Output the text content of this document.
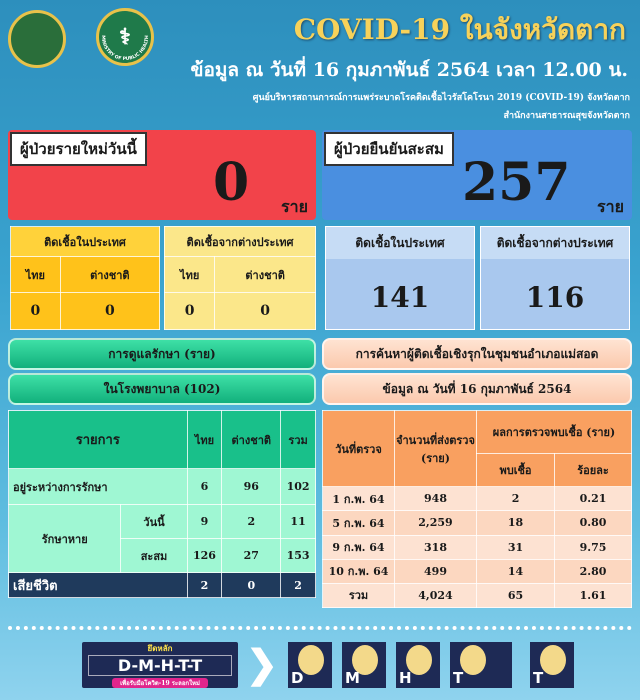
⚕
MINISTRY OF PUBLIC HEALTH	COVID-19 ในจังหวัดตาก
ข้อมูล ณ วันที่ 16 กุมภาพันธ์ 2564 เวลา 12.00 น.
ศูนย์บริหารสถานการณ์การแพร่ระบาดโรคติดเชื้อไวรัสโคโรนา 2019 (COVID-19) จังหวัดตาก
สำนักงานสาธารณสุขจังหวัดตาก
ผู้ป่วยรายใหม่วันนี้
0 ราย
ผู้ป่วยยืนยันสะสม
257 ราย
ติดเชื้อในประเทศ	
ไทย	ต่างชาติ
0	0
ติดเชื้อจากต่างประเทศ	
ไทย	ต่างชาติ
0	0
ติดเชื้อในประเทศ
141
ติดเชื้อจากต่างประเทศ
116
การดูแลรักษา (ราย)
ในโรงพยาบาล (102)
การค้นหาผู้ติดเชื้อเชิงรุกในชุมชนอำเภอแม่สอด
ข้อมูล ณ วันที่ 16 กุมภาพันธ์ 2564
รายการ		ไทย	ต่างชาติ	รวม
อยู่ระหว่างการรักษา		6	96	102
รักษาหาย	วันนี้	9	2	11
	สะสม	126	27	153
เสียชีวิต		2	0	2
วันที่ตรวจ	จำนวนที่ส่งตรวจ (ราย)	ผลการตรวจพบเชื้อ (ราย)	
		พบเชื้อ	ร้อยละ
1 ก.พ. 64	948	2	0.21
5 ก.พ. 64	2,259	18	0.80
9 ก.พ. 64	318	31	9.75
10 ก.พ. 64	499	14	2.80
รวม	4,024	65	1.61
ยึดหลัก
D-M-H-T-T
เพื่อรับมือโควิด-19 ระลอกใหม่ ❯ D	M	H	T	T
